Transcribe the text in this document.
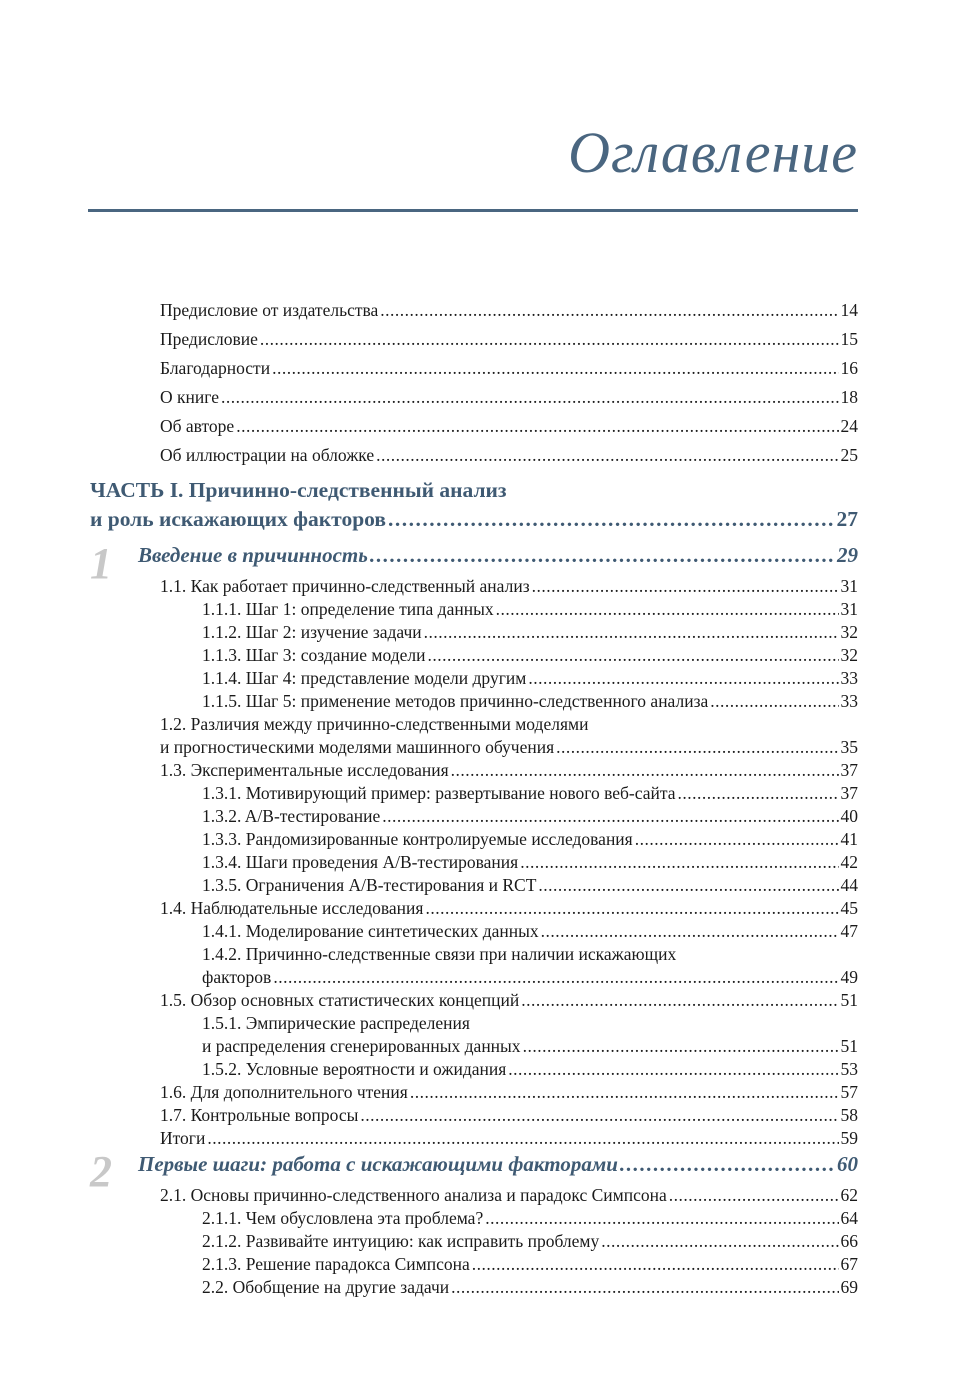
Оглавление
Предисловие от издательства .....	14
Предисловие .....	15
Благодарности .....	16
О книге .....	18
Об авторе .....	24
Об иллюстрации на обложке .....	25
ЧАСТЬ I. Причинно-следственный анализ
и роль искажающих факторов .....	27
1 Введение в причинность .....	29
1.1. Как работает причинно-следственный анализ .....	31
1.1.1. Шаг 1: определение типа данных .....	31
1.1.2. Шаг 2: изучение задачи .....	32
1.1.3. Шаг 3: создание модели .....	32
1.1.4. Шаг 4: представление модели другим .....	33
1.1.5. Шаг 5: применение методов причинно-следственного анализа .....	33
1.2. Различия между причинно-следственными моделями
и прогностическими моделями машинного обучения .....	35
1.3. Экспериментальные исследования .....	37
1.3.1. Мотивирующий пример: развертывание нового веб-сайта .....	37
1.3.2. A/B-тестирование .....	40
1.3.3. Рандомизированные контролируемые исследования .....	41
1.3.4. Шаги проведения A/B-тестирования .....	42
1.3.5. Ограничения A/B-тестирования и RCT .....	44
1.4. Наблюдательные исследования .....	45
1.4.1. Моделирование синтетических данных .....	47
1.4.2. Причинно-следственные связи при наличии искажающих
факторов .....	49
1.5. Обзор основных статистических концепций .....	51
1.5.1. Эмпирические распределения
и распределения сгенерированных данных .....	51
1.5.2. Условные вероятности и ожидания .....	53
1.6. Для дополнительного чтения .....	57
1.7. Контрольные вопросы .....	58
Итоги .....	59
2 Первые шаги: работа с искажающими факторами .....	60
2.1. Основы причинно-следственного анализа и парадокс Симпсона .....	62
2.1.1. Чем обусловлена эта проблема? .....	64
2.1.2. Развивайте интуицию: как исправить проблему .....	66
2.1.3. Решение парадокса Симпсона .....	67
2.2. Обобщение на другие задачи .....	69
